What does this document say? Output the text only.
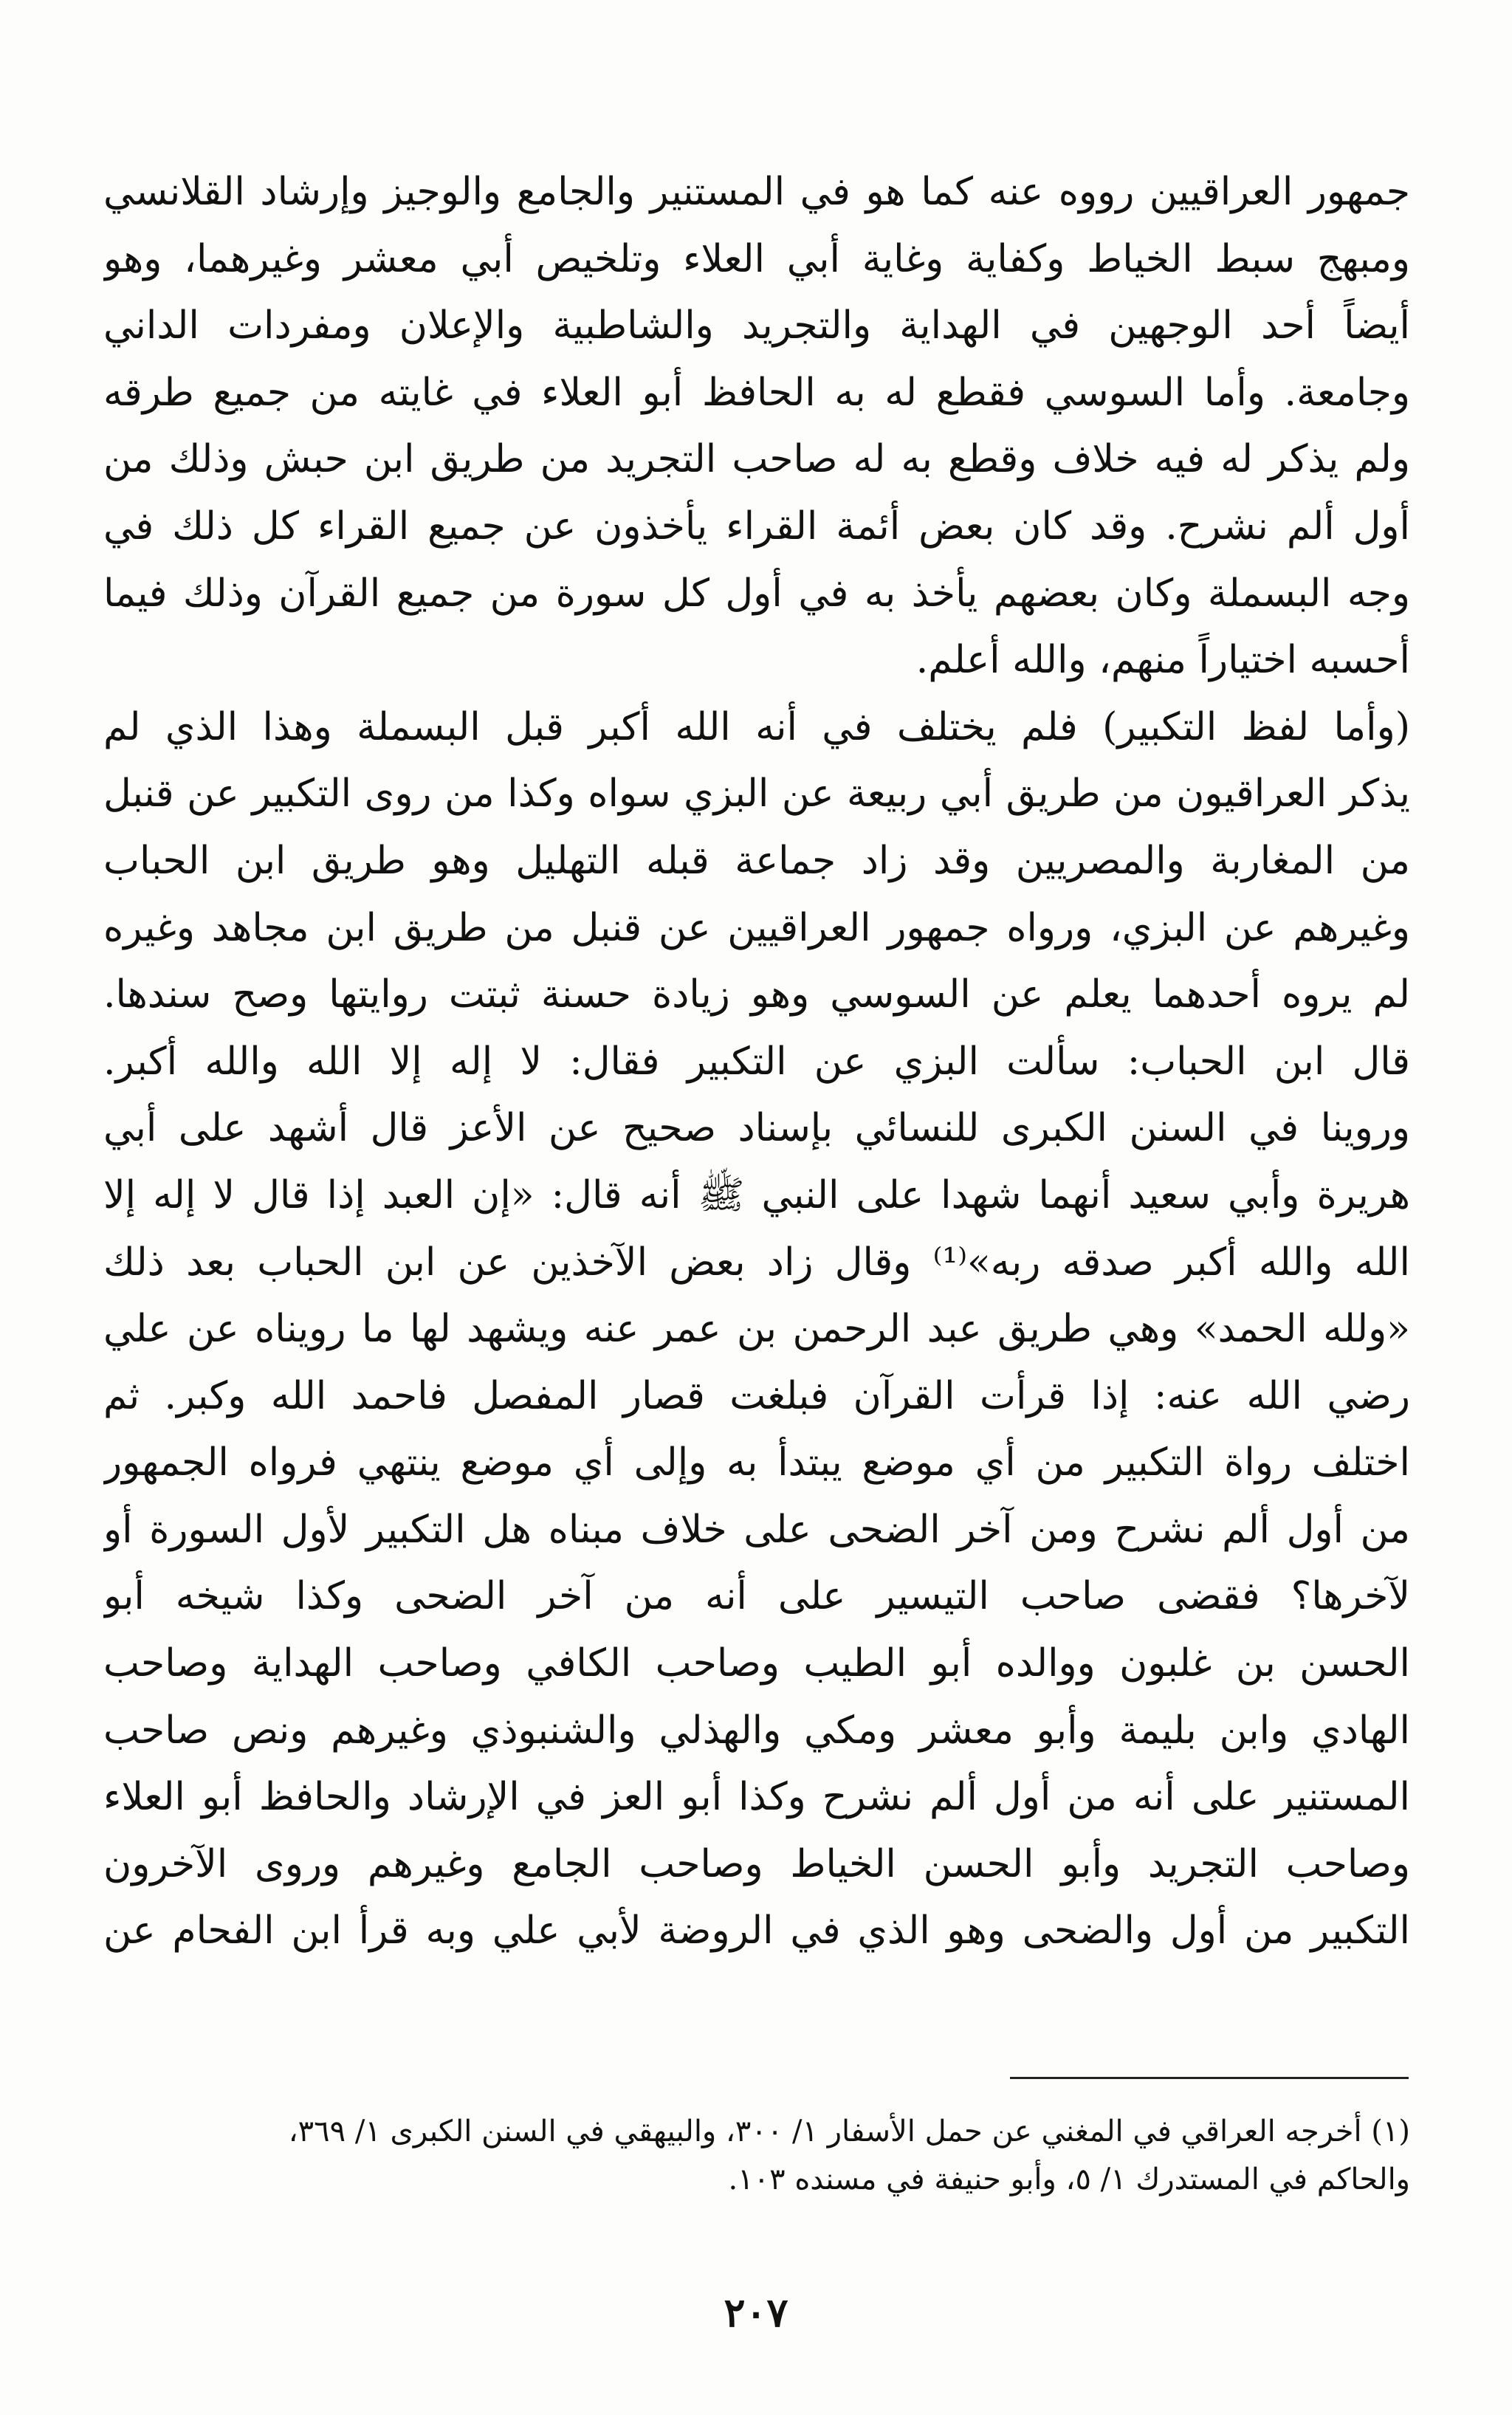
جمهور العراقيين رووه عنه كما هو في المستنير والجامع والوجيز وإرشاد القلانسي
ومبهج سبط الخياط وكفاية وغاية أبي العلاء وتلخيص أبي معشر وغيرهما، وهو
أيضاً أحد الوجهين في الهداية والتجريد والشاطبية والإعلان ومفردات الداني
وجامعة. وأما السوسي فقطع له به الحافظ أبو العلاء في غايته من جميع طرقه
ولم يذكر له فيه خلاف وقطع به له صاحب التجريد من طريق ابن حبش وذلك من
أول ألم نشرح. وقد كان بعض أئمة القراء يأخذون عن جميع القراء كل ذلك في
وجه البسملة وكان بعضهم يأخذ به في أول كل سورة من جميع القرآن وذلك فيما
أحسبه اختياراً منهم، والله أعلم.
(وأما لفظ التكبير) فلم يختلف في أنه الله أكبر قبل البسملة وهذا الذي لم
يذكر العراقيون من طريق أبي ربيعة عن البزي سواه وكذا من روى التكبير عن قنبل
من المغاربة والمصريين وقد زاد جماعة قبله التهليل وهو طريق ابن الحباب
وغيرهم عن البزي، ورواه جمهور العراقيين عن قنبل من طريق ابن مجاهد وغيره
لم يروه أحدهما يعلم عن السوسي وهو زيادة حسنة ثبتت روايتها وصح سندها.
قال ابن الحباب: سألت البزي عن التكبير فقال: لا إله إلا الله والله أكبر.
وروينا في السنن الكبرى للنسائي بإسناد صحيح عن الأعز قال أشهد على أبي
هريرة وأبي سعيد أنهما شهدا على النبي ﷺ أنه قال: «إن العبد إذا قال لا إله إلا
الله والله أكبر صدقه ربه»⁽¹⁾ وقال زاد بعض الآخذين عن ابن الحباب بعد ذلك
«ولله الحمد» وهي طريق عبد الرحمن بن عمر عنه ويشهد لها ما رويناه عن علي
رضي الله عنه: إذا قرأت القرآن فبلغت قصار المفصل فاحمد الله وكبر. ثم
اختلف رواة التكبير من أي موضع يبتدأ به وإلى أي موضع ينتهي فرواه الجمهور
من أول ألم نشرح ومن آخر الضحى على خلاف مبناه هل التكبير لأول السورة أو
لآخرها؟ فقضى صاحب التيسير على أنه من آخر الضحى وكذا شيخه أبو
الحسن بن غلبون ووالده أبو الطيب وصاحب الكافي وصاحب الهداية وصاحب
الهادي وابن بليمة وأبو معشر ومكي والهذلي والشنبوذي وغيرهم ونص صاحب
المستنير على أنه من أول ألم نشرح وكذا أبو العز في الإرشاد والحافظ أبو العلاء
وصاحب التجريد وأبو الحسن الخياط وصاحب الجامع وغيرهم وروى الآخرون
التكبير من أول والضحى وهو الذي في الروضة لأبي علي وبه قرأ ابن الفحام عن
(١) أخرجه العراقي في المغني عن حمل الأسفار ١/ ٣٠٠، والبيهقي في السنن الكبرى ١/ ٣٦٩،
والحاكم في المستدرك ١/ ٥، وأبو حنيفة في مسنده ١٠٣.
٢٠٧
